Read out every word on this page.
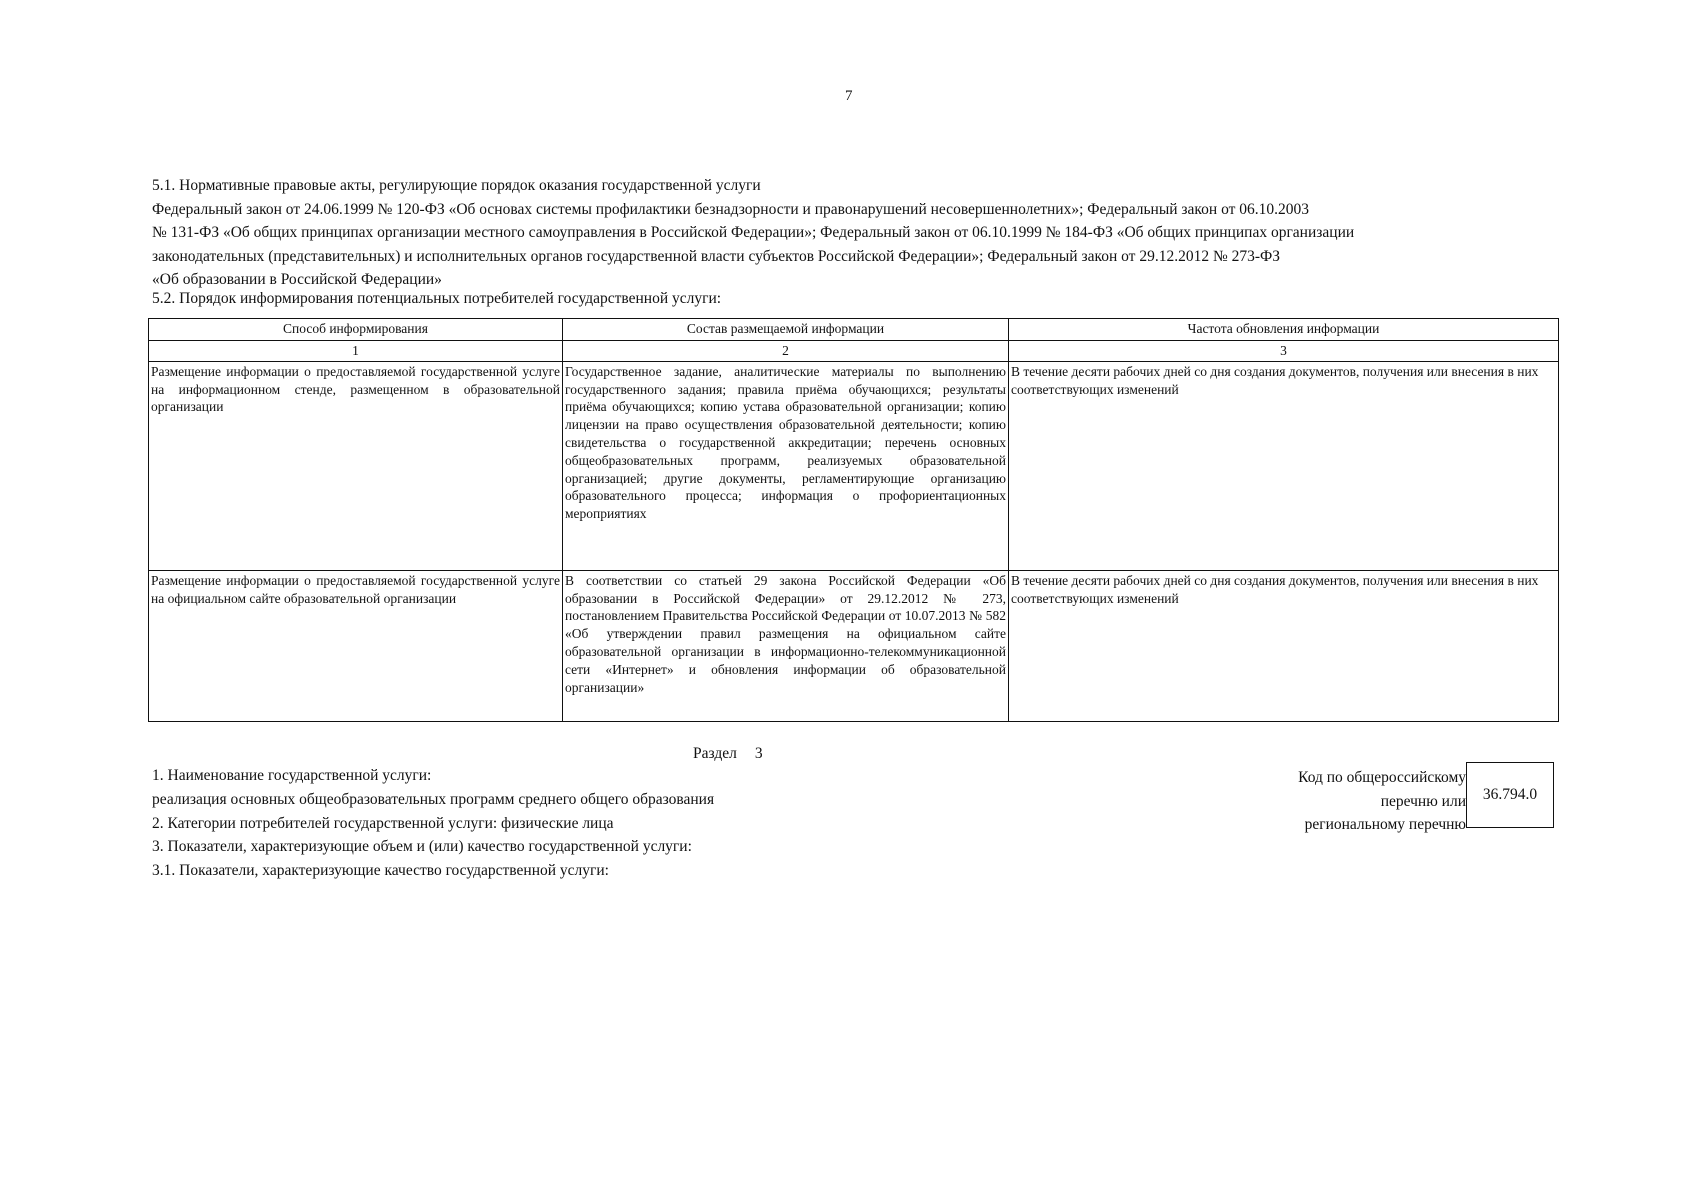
7
5.1. Нормативные правовые акты, регулирующие порядок оказания государственной услуги
Федеральный закон от 24.06.1999 № 120-ФЗ «Об основах системы профилактики безнадзорности и правонарушений несовершеннолетних»; Федеральный закон от 06.10.2003
№ 131-ФЗ «Об общих принципах организации местного самоуправления в Российской Федерации»; Федеральный закон от 06.10.1999 № 184-ФЗ «Об общих принципах организации
законодательных (представительных) и исполнительных органов государственной власти субъектов Российской Федерации»; Федеральный закон от 29.12.2012 № 273-ФЗ
«Об образовании в Российской Федерации»
5.2. Порядок информирования потенциальных потребителей государственной услуги:
Способ информирования	Состав размещаемой информации	Частота обновления информации
1	2	3
Размещение информации о предоставляемой государственной услуге на информационном стенде, размещенном в образовательной организации	Государственное задание, аналитические материалы по выполнению государственного задания; правила приёма обучающихся; результаты приёма обучающихся; копию устава образовательной организации; копию лицензии на право осуществления образовательной деятельности; копию свидетельства о государственной аккредитации; перечень основных общеобразовательных программ, реализуемых образовательной организацией; другие документы, регламентирующие организацию образовательного процесса; информация о профориентационных мероприятиях	В течение десяти рабочих дней со дня создания документов, получения или внесения в них соответствующих изменений
Размещение информации о предоставляемой государственной услуге на официальном сайте образовательной организации	В соответствии со статьей 29 закона Российской Федерации «Об образовании в Российской Федерации» от 29.12.2012 № 273, постановлением Правительства Российской Федерации от 10.07.2013 № 582 «Об утверждении правил размещения на официальном сайте образовательной организации в информационно-телекоммуникационной сети «Интернет» и обновления информации об образовательной организации»	В течение десяти рабочих дней со дня создания документов, получения или внесения в них соответствующих изменений
Раздел 3
1. Наименование государственной услуги:
реализация основных общеобразовательных программ среднего общего образования
2. Категории потребителей государственной услуги: физические лица
3. Показатели, характеризующие объем и (или) качество государственной услуги:
3.1. Показатели, характеризующие качество государственной услуги:
Код по общероссийскому
перечню или
региональному перечню
36.794.0
